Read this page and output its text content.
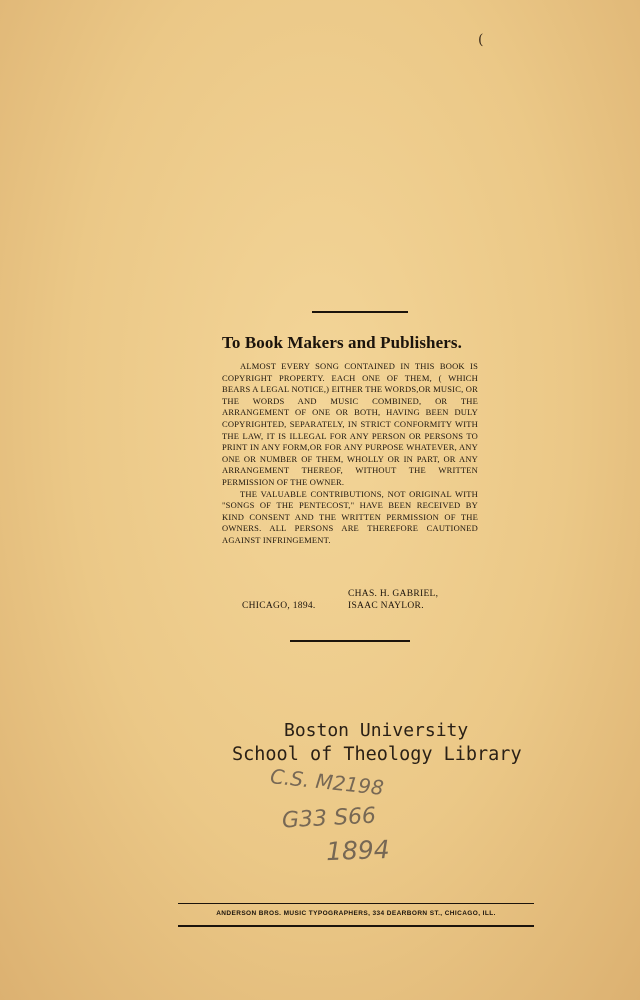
(
To Book Makers and Publishers.

ALMOST EVERY SONG CONTAINED IN THIS BOOK IS COPYRIGHT PROPERTY. EACH ONE OF THEM, ( WHICH BEARS A LEGAL NOTICE,) EITHER THE WORDS,OR MUSIC, OR THE WORDS AND MUSIC COMBINED, OR THE ARRANGEMENT OF ONE OR BOTH, HAVING BEEN DULY COPYRIGHTED, SEPARATELY, IN STRICT CONFORMITY WITH THE LAW, IT IS ILLEGAL FOR ANY PERSON OR PERSONS TO PRINT IN ANY FORM,OR FOR ANY PURPOSE WHATEVER, ANY ONE OR NUMBER OF THEM, WHOLLY OR IN PART, OR ANY ARRANGEMENT THEREOF, WITHOUT THE WRITTEN PERMISSION OF THE OWNER.

THE VALUABLE CONTRIBUTIONS, NOT ORIGINAL WITH "SONGS OF THE PENTECOST," HAVE BEEN RECEIVED BY KIND CONSENT AND THE WRITTEN PERMISSION OF THE OWNERS. ALL PERSONS ARE THEREFORE CAUTIONED AGAINST INFRINGEMENT.

CHAS. H. GABRIEL,
CHICAGO, 1894.	ISAAC NAYLOR.
Boston University
School of Theology Library
C.S. M2198
G33 S66
1894
ANDERSON BROS. MUSIC TYPOGRAPHERS, 334 DEARBORN ST., CHICAGO, ILL.
